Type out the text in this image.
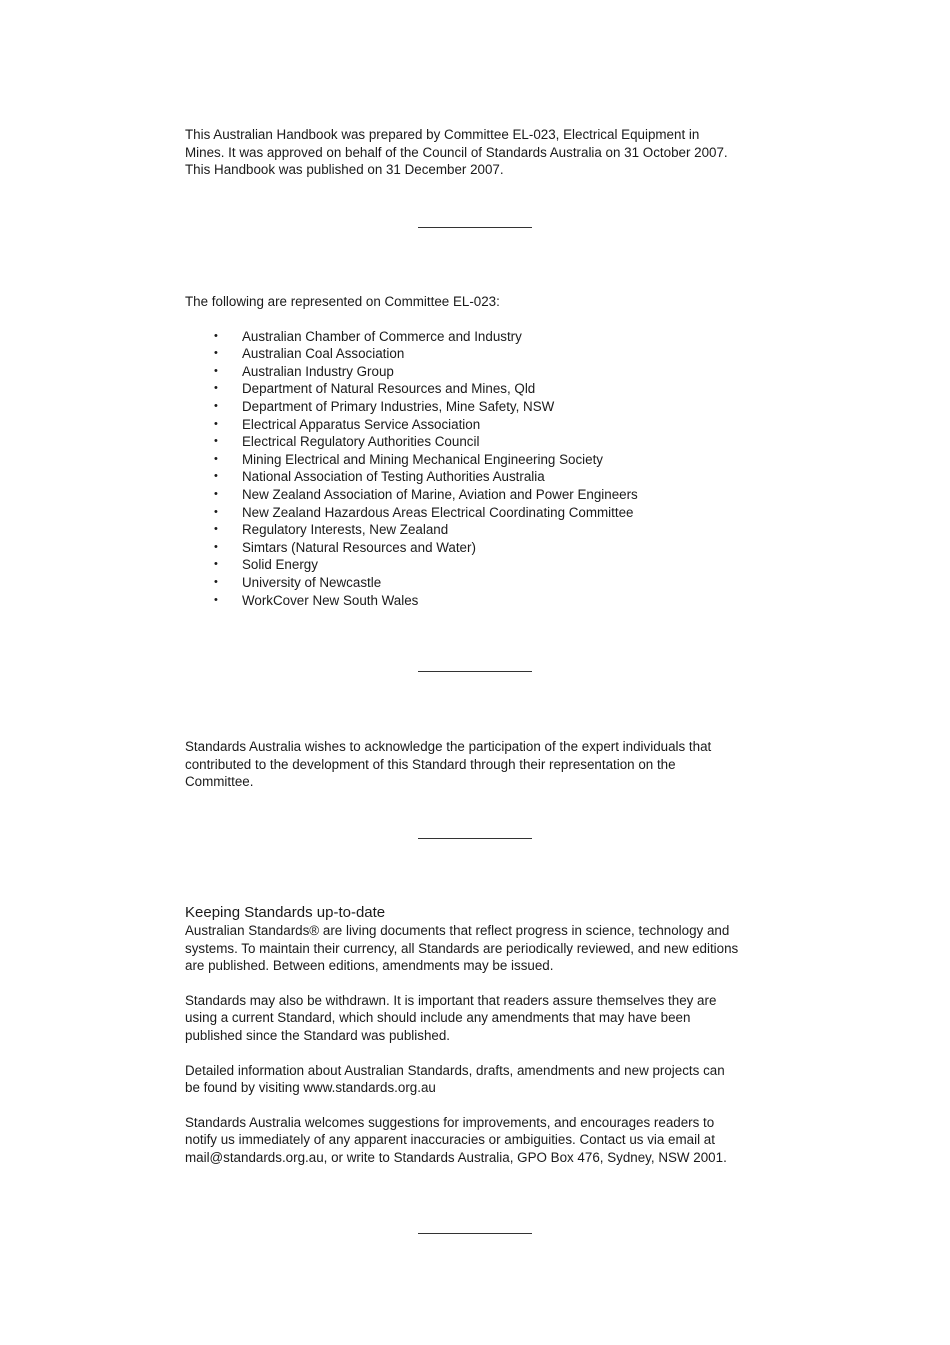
This Australian Handbook was prepared by Committee EL-023, Electrical Equipment in

Mines. It was approved on behalf of the Council of Standards Australia on 31 October 2007.

This Handbook was published on 31 December 2007.

The following are represented on Committee EL-023:

• Australian Chamber of Commerce and Industry
• Australian Coal Association
• Australian Industry Group
• Department of Natural Resources and Mines, Qld
• Department of Primary Industries, Mine Safety, NSW
• Electrical Apparatus Service Association
• Electrical Regulatory Authorities Council
• Mining Electrical and Mining Mechanical Engineering Society
• National Association of Testing Authorities Australia
• New Zealand Association of Marine, Aviation and Power Engineers
• New Zealand Hazardous Areas Electrical Coordinating Committee
• Regulatory Interests, New Zealand
• Simtars (Natural Resources and Water)
• Solid Energy
• University of Newcastle
• WorkCover New South Wales

Standards Australia wishes to acknowledge the participation of the expert individuals that

contributed to the development of this Standard through their representation on the

Committee.

Keeping Standards up-to-date

Australian Standards® are living documents that reflect progress in science, technology and

systems. To maintain their currency, all Standards are periodically reviewed, and new editions

are published. Between editions, amendments may be issued.

Standards may also be withdrawn. It is important that readers assure themselves they are

using a current Standard, which should include any amendments that may have been

published since the Standard was published.

Detailed information about Australian Standards, drafts, amendments and new projects can

be found by visiting www.standards.org.au

Standards Australia welcomes suggestions for improvements, and encourages readers to

notify us immediately of any apparent inaccuracies or ambiguities. Contact us via email at

mail@standards.org.au, or write to Standards Australia, GPO Box 476, Sydney, NSW 2001.
